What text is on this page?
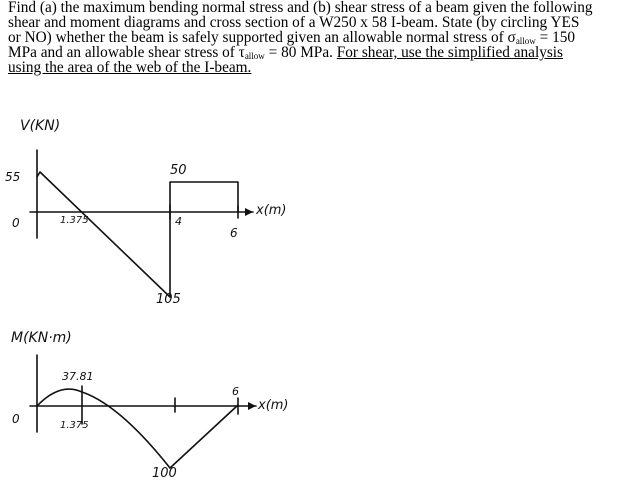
Find (a) the maximum bending normal stress and (b) shear stress of a beam given the following
shear and moment diagrams and cross section of a W250 x 58 I-beam. State (by circling YES
or NO) whether the beam is safely supported given an allowable normal stress of $\sigma_{allow} = 150$
MPa and an allowable shear stress of $\tau_{allow} = 80$ MPa. For shear, use the simplified analysis
using the area of the web of the I-beam.
V(KN)
55
0	1.375
50
4
6
x(m)
105
M(KN·m)
37.81
0	1.375
6
x(m)
100
